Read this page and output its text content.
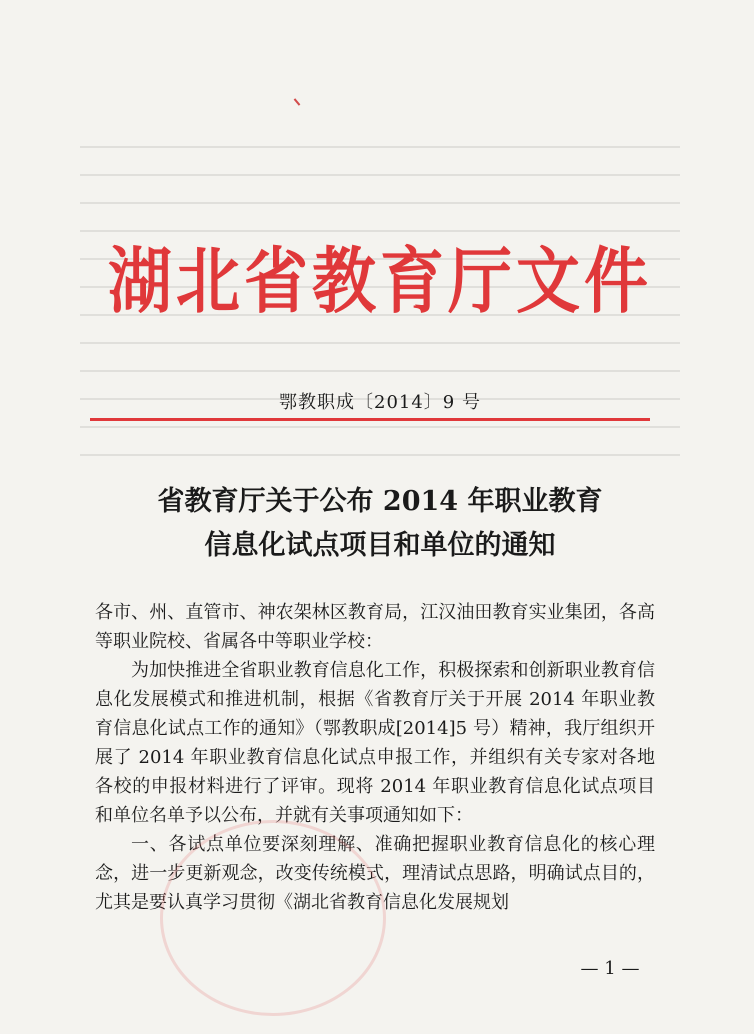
湖北省教育厅文件
鄂教职成〔2014〕9 号
省教育厅关于公布 2014 年职业教育
信息化试点项目和单位的通知

各市、州、直管市、神农架林区教育局，江汉油田教育实业集团，各高等职业院校、省属各中等职业学校：

为加快推进全省职业教育信息化工作，积极探索和创新职业教育信息化发展模式和推进机制，根据《省教育厅关于开展 2014 年职业教育信息化试点工作的通知》（鄂教职成[2014]5 号）精神，我厅组织开展了 2014 年职业教育信息化试点申报工作，并组织有关专家对各地各校的申报材料进行了评审。现将 2014 年职业教育信息化试点项目和单位名单予以公布，并就有关事项通知如下：

一、各试点单位要深刻理解、准确把握职业教育信息化的核心理念，进一步更新观念，改变传统模式，理清试点思路，明确试点目的，尤其是要认真学习贯彻《湖北省教育信息化发展规划

— 1 —
